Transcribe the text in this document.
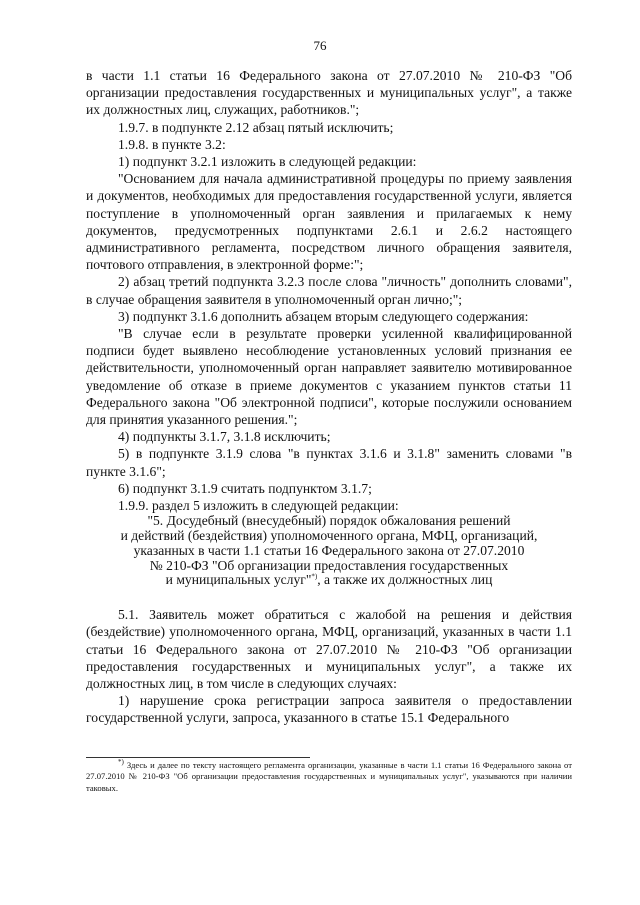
76

в части 1.1 статьи 16 Федерального закона от 27.07.2010 № 210-ФЗ "Об организации предоставления государственных и муниципальных услуг", а также их должностных лиц, служащих, работников.";

1.9.7. в подпункте 2.12 абзац пятый исключить;

1.9.8. в пункте 3.2:

1) подпункт 3.2.1 изложить в следующей редакции:

"Основанием для начала административной процедуры по приему заявления и документов, необходимых для предоставления государственной услуги, является поступление в уполномоченный орган заявления и прилагаемых к нему документов, предусмотренных подпунктами 2.6.1 и 2.6.2 настоящего административного регламента, посредством личного обращения заявителя, почтового отправления, в электронной форме:";

2) абзац третий подпункта 3.2.3 после слова "личность" дополнить словами", в случае обращения заявителя в уполномоченный орган лично;";

3) подпункт 3.1.6 дополнить абзацем вторым следующего содержания:

"В случае если в результате проверки усиленной квалифицированной подписи будет выявлено несоблюдение установленных условий признания ее действительности, уполномоченный орган направляет заявителю мотивированное уведомление об отказе в приеме документов с указанием пунктов статьи 11 Федерального закона "Об электронной подписи", которые послужили основанием для принятия указанного решения.";

4) подпункты 3.1.7, 3.1.8 исключить;

5) в подпункте 3.1.9 слова "в пунктах 3.1.6 и 3.1.8" заменить словами "в пункте 3.1.6";

6) подпункт 3.1.9 считать подпунктом 3.1.7;

1.9.9. раздел 5 изложить в следующей редакции:

"5. Досудебный (внесудебный) порядок обжалования решений

и действий (бездействия) уполномоченного органа, МФЦ, организаций,

указанных в части 1.1 статьи 16 Федерального закона от 27.07.2010

№ 210-ФЗ "Об организации предоставления государственных

и муниципальных услуг"*), а также их должностных лиц

5.1. Заявитель может обратиться с жалобой на решения и действия (бездействие) уполномоченного органа, МФЦ, организаций, указанных в части 1.1 статьи 16 Федерального закона от 27.07.2010 № 210-ФЗ "Об организации предоставления государственных и муниципальных услуг", а также их должностных лиц, в том числе в следующих случаях:

1) нарушение срока регистрации запроса заявителя о предоставлении государственной услуги, запроса, указанного в статье 15.1 Федерального

*) Здесь и далее по тексту настоящего регламента организации, указанные в части 1.1 статьи 16 Федерального закона от 27.07.2010 № 210-ФЗ "Об организации предоставления государственных и муниципальных услуг", указываются при наличии таковых.
